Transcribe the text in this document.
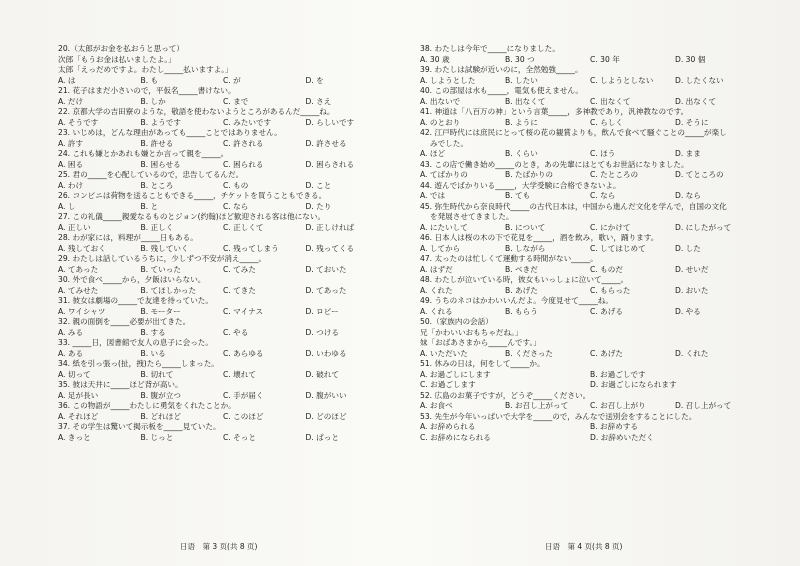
20.（太郎がお金を払おうと思って）
次郎「もうお金は払いましたよ。」
太郎「えっだめですよ。わたし_____払いますよ。」
A. は	B. も	C. が	D. を
21. 花子はまだ小さいので，平仮名_____書けない。
A. だけ	B. しか	C. まで	D. さえ
22. 京都大学の吉田寮のような，敬語を使わないようところがあるんだ_____ね。
A. そうです	B. ようです	C. みたいです	D. らしいです
23. いじめは，どんな理由があっても_____ことではありません。
A. 許す	B. 許せる	C. 許される	D. 許させる
24. これも嫌とかあれも嫌とか言って親を_____。
A. 困る	B. 困らせる	C. 困られる	D. 困らされる
25. 君の_____を心配しているので，忠告してるんだ。
A. わけ	B. ところ	C. もの	D. こと
26. コンビニは荷物を送ることもできる_____，チケットを買うこともできる。
A. し	B. と	C. なら	D. たり
27. この礼儀_____親愛なるものとジョン(约翰)ほど歓迎される客は他にない。
A. 正しい	B. 正しく	C. 正しくて	D. 正しければ
28. わが家には，料理が_____日もある。
A. 残しておく	B. 残していく	C. 残ってしまう	D. 残ってくる
29. わたしは話しているうちに，少しずつ不安が消え_____。
A. てあった	B. ていった	C. てみた	D. ておいた
30. 外で食べ_____から，夕飯はいらない。
A. てみせた	B. てほしかった	C. てきた	D. てあった
31. 彼女は劇場の_____で友達を待っていた。
A. ワイシャツ	B. モーター	C. マイナス	D. ロビー
32. 親の面倒を_____必要が出てきた。
A. みる	B. する	C. やる	D. つける
33. _____日，図書館で友人の息子に会った。
A. ある	B. いる	C. あらゆる	D. いわゆる
34. 紙を引っ張っ(扯，拽)たら_____しまった。
A. 切って	B. 切れて	C. 壊れて	D. 破れて
35. 彼は天井に_____ほど背が高い。
A. 足が長い	B. 腹が立つ	C. 手が届く	D. 腹がいい
36. この物語が_____わたしに勇気をくれたことか。
A. それほど	B. どれほど	C. このほど	D. どのほど
37. その学生は驚いて掲示板を_____見ていた。
A. きっと	B. じっと	C. そっと	D. ぱっと
38. わたしは今年で_____になりました。
A. 30 歳	B. 30 つ	C. 30 年	D. 30 個
39. わたしは試験が近いのに，全然勉強_____。
A. しようとした	B. したい	C. しようとしない	D. したくない
40. この部屋は水も_____，電気も使えません。
A. 出ないで	B. 出なくて	C. 出なくて	D. 出なくて
41. 神道は「八百万の神」という言葉_____，多神教であり，汎神教なのです。
A. のとおり	B. ように	C. らしく	D. そうに
42. 江戸時代には庶民にとって桜の花の観賞よりも，飲んで食べて騒ぐことの_____が楽し
みでした。
A. ほど	B. くらい	C. ほう	D. まま
43. この店で働き始め_____のとき，あの先輩にはとてもお世話になりました。
A. てばかりの	B. たばかりの	C. たところの	D. てところの
44. 遊んでばかりいる_____，大学受験に合格できないよ。
A. では	B. ても	C. なら	D. なら
45. 弥生時代から奈良時代_____の古代日本は，中国から進んだ文化を学んで，自国の文化
を発展させてきました。
A. にたいして	B. について	C. にかけて	D. にしたがって
46. 日本人は桜の木の下で花見を_____，酒を飲み，歌い，踊ります。
A. してから	B. しながら	C. してはじめて	D. した
47. 太ったのは忙しくて運動する時間がない_____。
A. はずだ	B. べきだ	C. ものだ	D. せいだ
48. わたしが泣いている時，彼女もいっしょに泣いて_____。
A. くれた	B. あげた	C. もらった	D. おいた
49. うちのネコはかわいいんだよ。今度見せて_____ね。
A. くれる	B. もらう	C. あげる	D. やる
50.（家族内の会話）
兄「かわいいおもちゃだね。」
妹「おばあさまから_____んです。」
A. いただいた	B. くださった	C. あげた	D. くれた
51. 休みの日は，何をして_____か。
A. お過ごしにします	B. お過ごしです
C. お過ごします	D. お過ごしになられます
52. 広島のお菓子ですが，どうぞ_____ください。
A. お食べ	B. お召し上がって	C. お召し上がり	D. 召し上がって
53. 先生が今年いっぱいで大学を_____ので，みんなで送別会をすることにした。
A. お辞められる	B. お辞めする
C. お辞めになられる	D. お辞めいただく
日语　第 3 页(共 8 页)	日语　第 4 页(共 8 页)
